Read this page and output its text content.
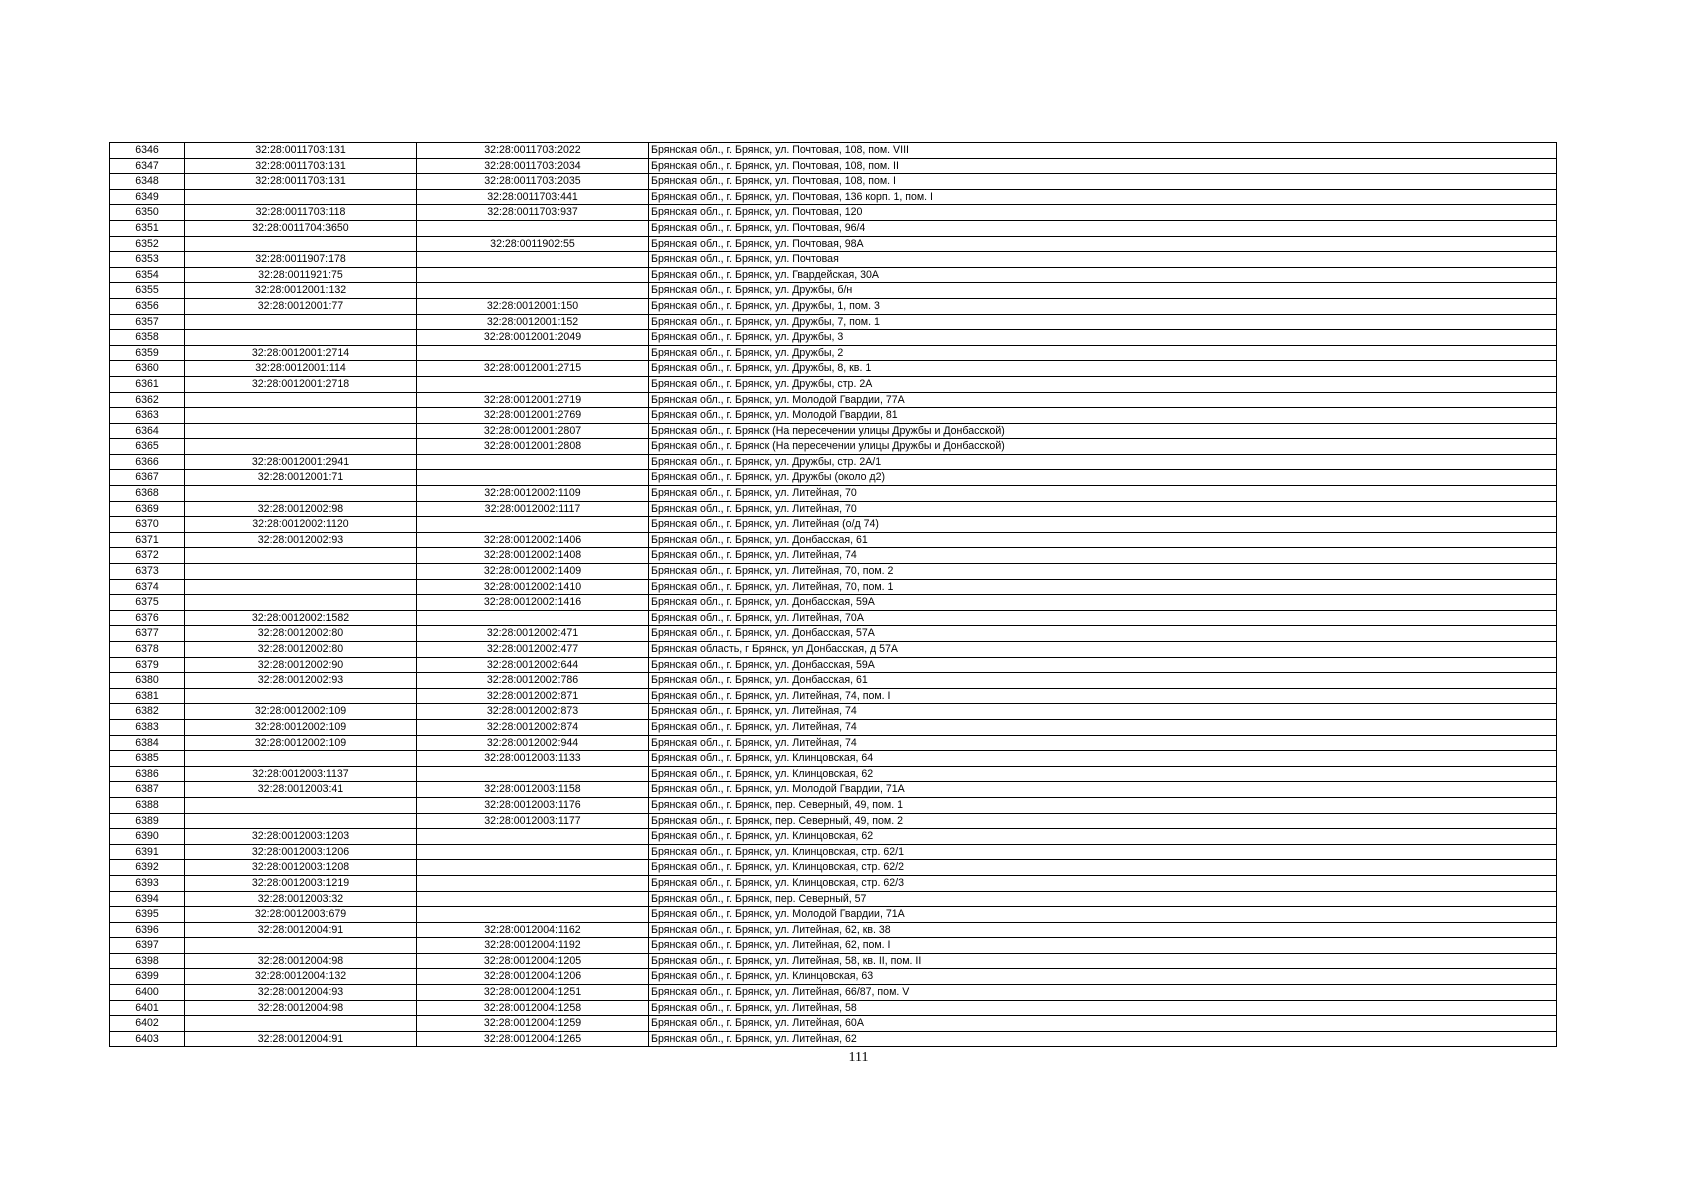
6346	32:28:0011703:131	32:28:0011703:2022	Брянская обл., г. Брянск, ул. Почтовая, 108, пом. VIII
6347	32:28:0011703:131	32:28:0011703:2034	Брянская обл., г. Брянск, ул. Почтовая, 108, пом. II
6348	32:28:0011703:131	32:28:0011703:2035	Брянская обл., г. Брянск, ул. Почтовая, 108, пом. I
6349		32:28:0011703:441	Брянская обл., г. Брянск, ул. Почтовая, 136 корп. 1, пом. I
6350	32:28:0011703:118	32:28:0011703:937	Брянская обл., г. Брянск, ул. Почтовая, 120
6351	32:28:0011704:3650		Брянская обл., г. Брянск, ул. Почтовая, 96/4
6352		32:28:0011902:55	Брянская обл., г. Брянск, ул. Почтовая, 98А
6353	32:28:0011907:178		Брянская обл., г. Брянск, ул. Почтовая
6354	32:28:0011921:75		Брянская обл., г. Брянск, ул. Гвардейская, 30А
6355	32:28:0012001:132		Брянская обл., г. Брянск, ул. Дружбы, б/н
6356	32:28:0012001:77	32:28:0012001:150	Брянская обл., г. Брянск, ул. Дружбы, 1, пом. 3
6357		32:28:0012001:152	Брянская обл., г. Брянск, ул. Дружбы, 7, пом. 1
6358		32:28:0012001:2049	Брянская обл., г. Брянск, ул. Дружбы, 3
6359	32:28:0012001:2714		Брянская обл., г. Брянск, ул. Дружбы, 2
6360	32:28:0012001:114	32:28:0012001:2715	Брянская обл., г. Брянск, ул. Дружбы, 8, кв. 1
6361	32:28:0012001:2718		Брянская обл., г. Брянск, ул. Дружбы, стр. 2А
6362		32:28:0012001:2719	Брянская обл., г. Брянск, ул. Молодой Гвардии, 77А
6363		32:28:0012001:2769	Брянская обл., г. Брянск, ул. Молодой Гвардии, 81
6364		32:28:0012001:2807	Брянская обл., г. Брянск (На пересечении улицы Дружбы и Донбасской)
6365		32:28:0012001:2808	Брянская обл., г. Брянск (На пересечении улицы Дружбы и Донбасской)
6366	32:28:0012001:2941		Брянская обл., г. Брянск, ул. Дружбы, стр. 2А/1
6367	32:28:0012001:71		Брянская обл., г. Брянск, ул. Дружбы (около д2)
6368		32:28:0012002:1109	Брянская обл., г. Брянск, ул. Литейная, 70
6369	32:28:0012002:98	32:28:0012002:1117	Брянская обл., г. Брянск, ул. Литейная, 70
6370	32:28:0012002:1120		Брянская обл., г. Брянск, ул. Литейная (о/д 74)
6371	32:28:0012002:93	32:28:0012002:1406	Брянская обл., г. Брянск, ул. Донбасская, 61
6372		32:28:0012002:1408	Брянская обл., г. Брянск, ул. Литейная, 74
6373		32:28:0012002:1409	Брянская обл., г. Брянск, ул. Литейная, 70, пом. 2
6374		32:28:0012002:1410	Брянская обл., г. Брянск, ул. Литейная, 70, пом. 1
6375		32:28:0012002:1416	Брянская обл., г. Брянск, ул. Донбасская, 59А
6376	32:28:0012002:1582		Брянская обл., г. Брянск, ул. Литейная, 70А
6377	32:28:0012002:80	32:28:0012002:471	Брянская обл., г. Брянск, ул. Донбасская, 57А
6378	32:28:0012002:80	32:28:0012002:477	Брянская область, г Брянск, ул Донбасская, д 57А
6379	32:28:0012002:90	32:28:0012002:644	Брянская обл., г. Брянск, ул. Донбасская, 59А
6380	32:28:0012002:93	32:28:0012002:786	Брянская обл., г. Брянск, ул. Донбасская, 61
6381		32:28:0012002:871	Брянская обл., г. Брянск, ул. Литейная, 74, пом. I
6382	32:28:0012002:109	32:28:0012002:873	Брянская обл., г. Брянск, ул. Литейная, 74
6383	32:28:0012002:109	32:28:0012002:874	Брянская обл., г. Брянск, ул. Литейная, 74
6384	32:28:0012002:109	32:28:0012002:944	Брянская обл., г. Брянск, ул. Литейная, 74
6385		32:28:0012003:1133	Брянская обл., г. Брянск, ул. Клинцовская, 64
6386	32:28:0012003:1137		Брянская обл., г. Брянск, ул. Клинцовская, 62
6387	32:28:0012003:41	32:28:0012003:1158	Брянская обл., г. Брянск, ул. Молодой Гвардии, 71А
6388		32:28:0012003:1176	Брянская обл., г. Брянск, пер. Северный, 49, пом. 1
6389		32:28:0012003:1177	Брянская обл., г. Брянск, пер. Северный, 49, пом. 2
6390	32:28:0012003:1203		Брянская обл., г. Брянск, ул. Клинцовская, 62
6391	32:28:0012003:1206		Брянская обл., г. Брянск, ул. Клинцовская, стр. 62/1
6392	32:28:0012003:1208		Брянская обл., г. Брянск, ул. Клинцовская, стр. 62/2
6393	32:28:0012003:1219		Брянская обл., г. Брянск, ул. Клинцовская, стр. 62/3
6394	32:28:0012003:32		Брянская обл., г. Брянск, пер. Северный, 57
6395	32:28:0012003:679		Брянская обл., г. Брянск, ул. Молодой Гвардии, 71А
6396	32:28:0012004:91	32:28:0012004:1162	Брянская обл., г. Брянск, ул. Литейная, 62, кв. 38
6397		32:28:0012004:1192	Брянская обл., г. Брянск, ул. Литейная, 62, пом. I
6398	32:28:0012004:98	32:28:0012004:1205	Брянская обл., г. Брянск, ул. Литейная, 58, кв. II, пом. II
6399	32:28:0012004:132	32:28:0012004:1206	Брянская обл., г. Брянск, ул. Клинцовская, 63
6400	32:28:0012004:93	32:28:0012004:1251	Брянская обл., г. Брянск, ул. Литейная, 66/87, пом. V
6401	32:28:0012004:98	32:28:0012004:1258	Брянская обл., г. Брянск, ул. Литейная, 58
6402		32:28:0012004:1259	Брянская обл., г. Брянск, ул. Литейная, 60А
6403	32:28:0012004:91	32:28:0012004:1265	Брянская обл., г. Брянск, ул. Литейная, 62
111
